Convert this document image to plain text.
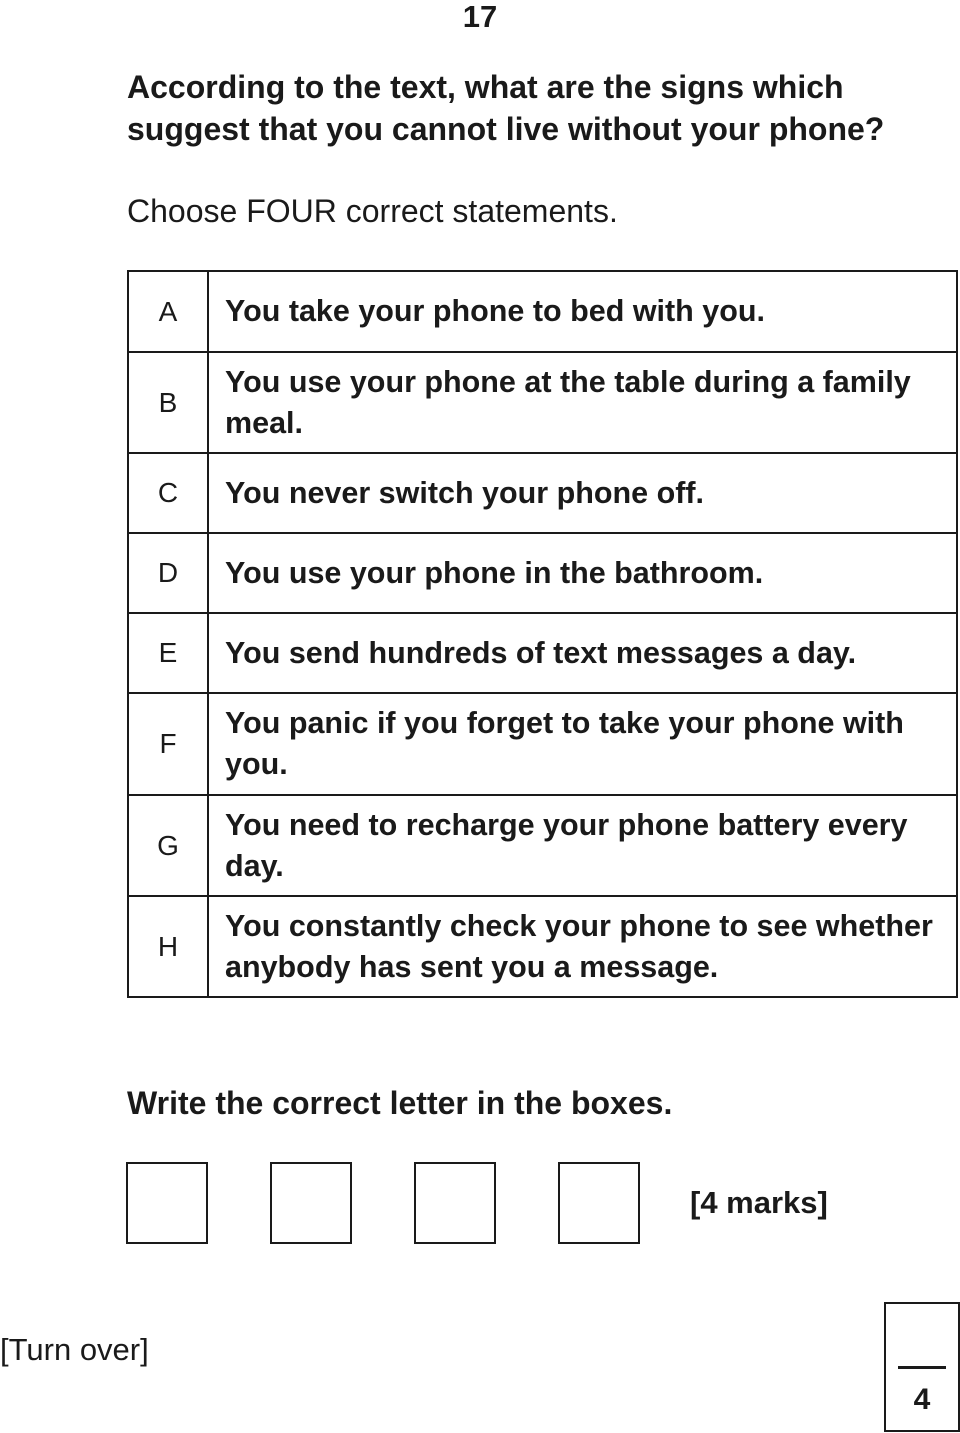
17
According to the text, what are the signs which suggest that you cannot live without your phone?
Choose FOUR correct statements.
A	You take your phone to bed with you.
B	You use your phone at the table during a family meal.
C	You never switch your phone off.
D	You use your phone in the bathroom.
E	You send hundreds of text messages a day.
F	You panic if you forget to take your phone with you.
G	You need to recharge your phone battery every day.
H	You constantly check your phone to see whether anybody has sent you a message.
Write the correct letter in the boxes.
[4 marks]
[Turn over]
4
